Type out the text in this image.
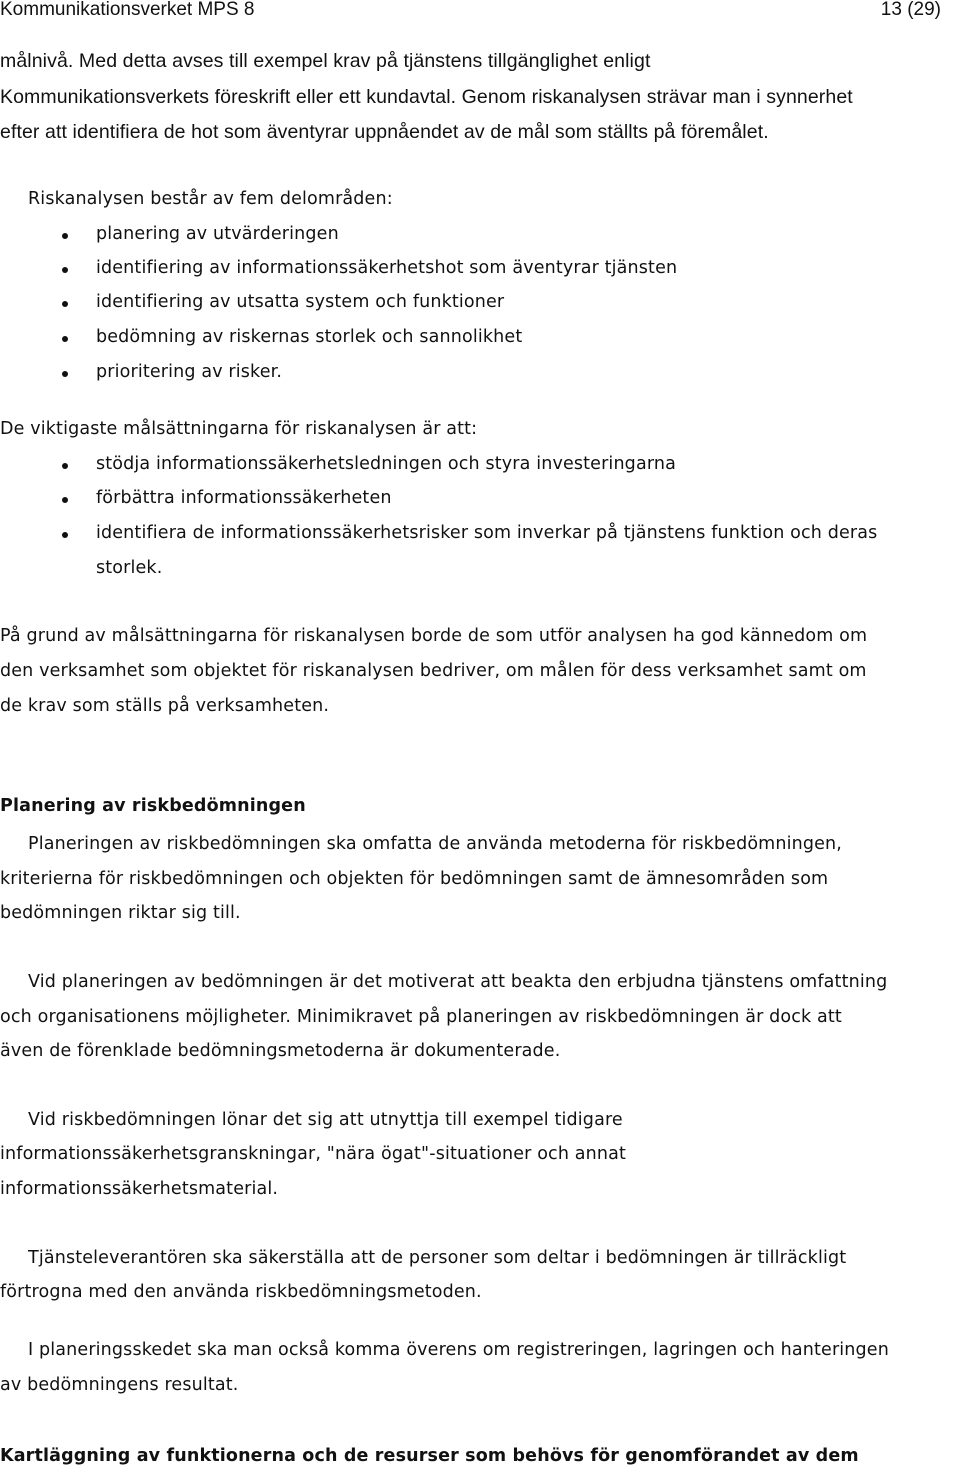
Kommunikationsverket MPS 8	13 (29)
målnivå. Med detta avses till exempel krav på tjänstens tillgänglighet enligt
Kommunikationsverkets föreskrift eller ett kundavtal. Genom riskanalysen strävar man i synnerhet
efter att identifiera de hot som äventyrar uppnåendet av de mål som ställts på föremålet.
Riskanalysen består av fem delområden:
planering av utvärderingen
identifiering av informationssäkerhetshot som äventyrar tjänsten
identifiering av utsatta system och funktioner
bedömning av riskernas storlek och sannolikhet
prioritering av risker.
De viktigaste målsättningarna för riskanalysen är att:
stödja informationssäkerhetsledningen och styra investeringarna
förbättra informationssäkerheten
identifiera de informationssäkerhetsrisker som inverkar på tjänstens funktion och deras
storlek.
På grund av målsättningarna för riskanalysen borde de som utför analysen ha god kännedom om
den verksamhet som objektet för riskanalysen bedriver, om målen för dess verksamhet samt om
de krav som ställs på verksamheten.
Planering av riskbedömningen
Planeringen av riskbedömningen ska omfatta de använda metoderna för riskbedömningen,
kriterierna för riskbedömningen och objekten för bedömningen samt de ämnesområden som
bedömningen riktar sig till.
Vid planeringen av bedömningen är det motiverat att beakta den erbjudna tjänstens omfattning
och organisationens möjligheter. Minimikravet på planeringen av riskbedömningen är dock att
även de förenklade bedömningsmetoderna är dokumenterade.
Vid riskbedömningen lönar det sig att utnyttja till exempel tidigare
informationssäkerhetsgranskningar, "nära ögat"-situationer och annat
informationssäkerhetsmaterial.
Tjänsteleverantören ska säkerställa att de personer som deltar i bedömningen är tillräckligt
förtrogna med den använda riskbedömningsmetoden.
I planeringsskedet ska man också komma överens om registreringen, lagringen och hanteringen
av bedömningens resultat.
Kartläggning av funktionerna och de resurser som behövs för genomförandet av dem
